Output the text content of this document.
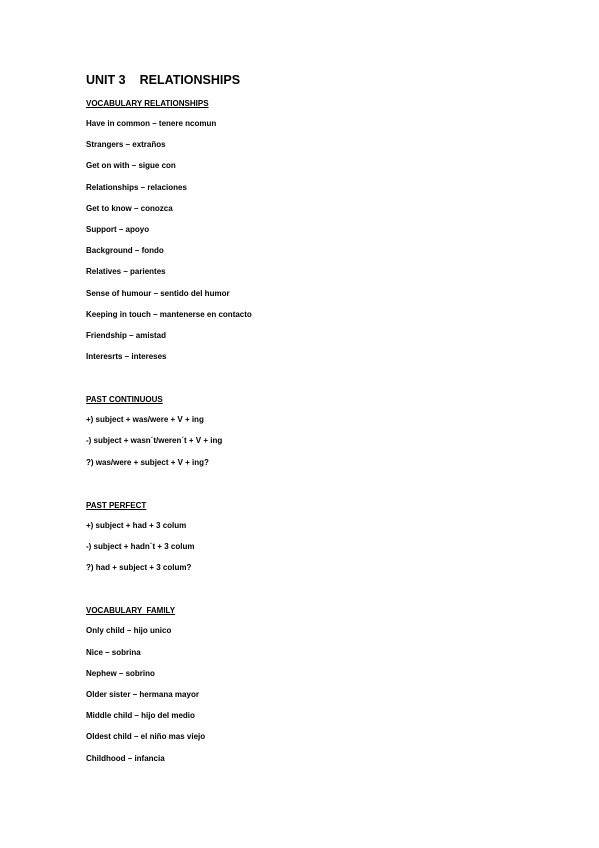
UNIT 3 RELATIONSHIPS
VOCABULARY RELATIONSHIPS
Have in common – tenere ncomun
Strangers – extraños
Get on with – sigue con
Relationships – relaciones
Get to know – conozca
Support – apoyo
Background – fondo
Relatives – parientes
Sense of humour – sentido del humor
Keeping in touch – mantenerse en contacto
Friendship – amistad
Interesrts – intereses
PAST CONTINUOUS
+) subject + was/were + V + ing
-) subject + wasn´t/weren´t + V + ing
?) was/were + subject + V + ing?
PAST PERFECT
+) subject + had + 3 colum
-) subject + hadn´t + 3 colum
?) had + subject + 3 colum?
VOCABULARY  FAMILY
Only child – hijo unico
Nice – sobrina
Nephew – sobrino
Older sister – hermana mayor
Middle child – hijo del medio
Oldest child – el niño mas viejo
Childhood – infancia
